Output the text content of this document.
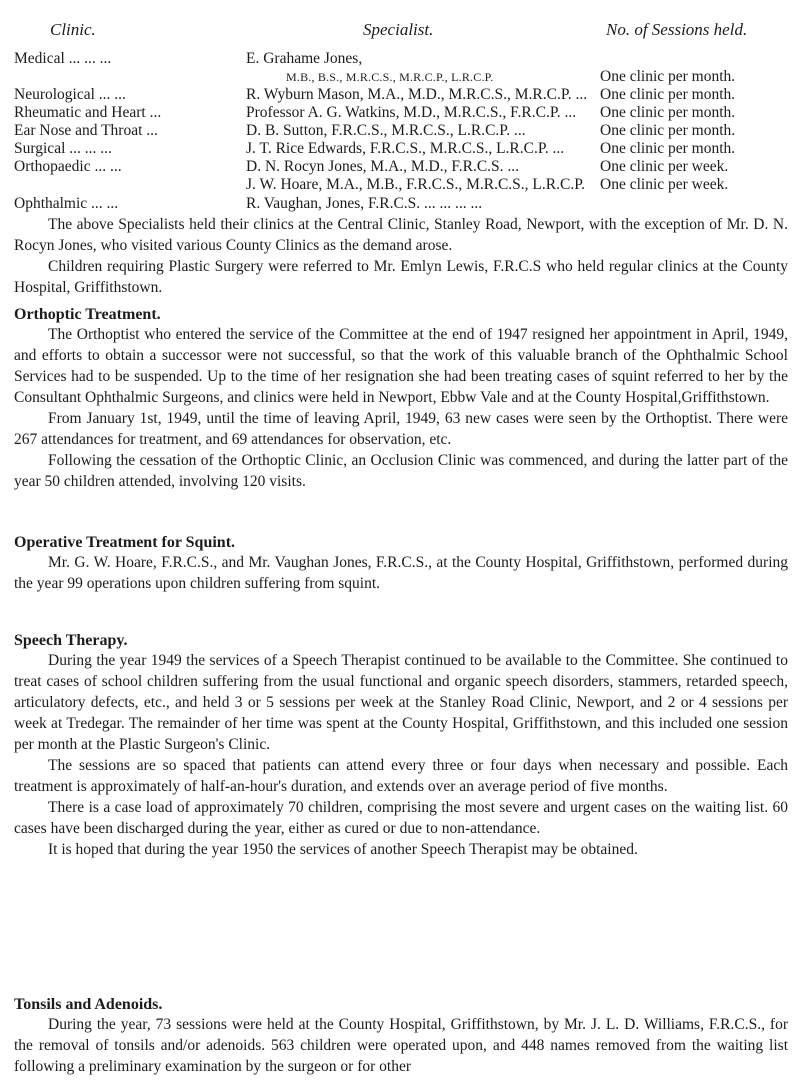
Clinic.	Specialist.	No. of Sessions held.
Medical ... ... ...	E. Grahame Jones,
M.B., B.S., M.R.C.S., M.R.C.P., L.R.C.P.	One clinic per month.
Neurological ... ...	R. Wyburn Mason, M.A., M.D., M.R.C.S., M.R.C.P. ... One clinic per month.
Rheumatic and Heart ...	Professor A. G. Watkins, M.D., M.R.C.S., F.R.C.P. ... One clinic per month.
Ear Nose and Throat ...	D. B. Sutton, F.R.C.S., M.R.C.S., L.R.C.P. ...	One clinic per month.
Surgical ... ... ...	J. T. Rice Edwards, F.R.C.S., M.R.C.S., L.R.C.P. ... One clinic per month.
Orthopaedic ... ...	D. N. Rocyn Jones, M.A., M.D., F.R.C.S. ...	One clinic per week.
J. W. Hoare, M.A., M.B., F.R.C.S., M.R.C.S., L.R.C.P. One clinic per week.
Ophthalmic ... ...	R. Vaughan, Jones, F.R.C.S. ... ... ... ...

The above Specialists held their clinics at the Central Clinic, Stanley Road, Newport, with the exception of Mr. D. N. Rocyn Jones, who visited various County Clinics as the demand arose.

Children requiring Plastic Surgery were referred to Mr. Emlyn Lewis, F.R.C.S who held regular clinics at the County Hospital, Griffithstown.

Orthoptic Treatment.

The Orthoptist who entered the service of the Committee at the end of 1947 resigned her appointment in April, 1949, and efforts to obtain a successor were not successful, so that the work of this valuable branch of the Ophthalmic School Services had to be suspended. Up to the time of her resignation she had been treating cases of squint referred to her by the Consultant Ophthalmic Surgeons, and clinics were held in Newport, Ebbw Vale and at the County Hospital,Griffithstown.

From January 1st, 1949, until the time of leaving April, 1949, 63 new cases were seen by the Orthoptist. There were 267 attendances for treatment, and 69 attendances for observation, etc.

Following the cessation of the Orthoptic Clinic, an Occlusion Clinic was commenced, and during the latter part of the year 50 children attended, involving 120 visits.

Operative Treatment for Squint.

Mr. G. W. Hoare, F.R.C.S., and Mr. Vaughan Jones, F.R.C.S., at the County Hospital, Griffithstown, performed during the year 99 operations upon children suffering from squint.

Speech Therapy.

During the year 1949 the services of a Speech Therapist continued to be available to the Committee. She continued to treat cases of school children suffering from the usual functional and organic speech disorders, stammers, retarded speech, articulatory defects, etc., and held 3 or 5 sessions per week at the Stanley Road Clinic, Newport, and 2 or 4 sessions per week at Tredegar. The remainder of her time was spent at the County Hospital, Griffithstown, and this included one session per month at the Plastic Surgeon's Clinic.

The sessions are so spaced that patients can attend every three or four days when necessary and possible. Each treatment is approximately of half-an-hour's duration, and extends over an average period of five months.

There is a case load of approximately 70 children, comprising the most severe and urgent cases on the waiting list. 60 cases have been discharged during the year, either as cured or due to non-attendance.

It is hoped that during the year 1950 the services of another Speech Therapist may be obtained.

Tonsils and Adenoids.

During the year, 73 sessions were held at the County Hospital, Griffithstown, by Mr. J. L. D. Williams, F.R.C.S., for the removal of tonsils and/or adenoids. 563 children were operated upon, and 448 names removed from the waiting list following a preliminary examination by the surgeon or for other
